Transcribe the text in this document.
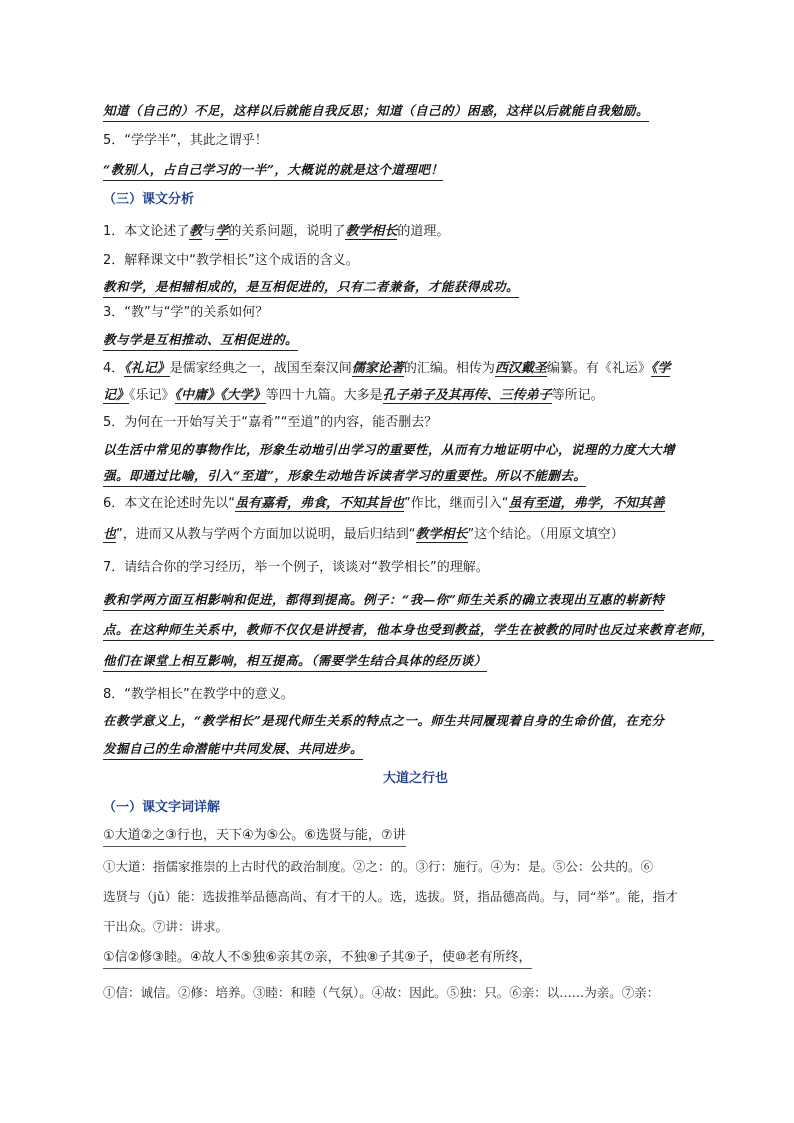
知道（自己的）不足，这样以后就能自我反思；知道（自己的）困惑，这样以后就能自我勉励。
5．“学学半”，其此之谓乎！
“教别人，占自己学习的一半”，大概说的就是这个道理吧！
（三）课文分析
1．本文论述了教与学的关系问题，说明了教学相长的道理。
2．解释课文中“教学相长”这个成语的含义。
教和学，是相辅相成的，是互相促进的，只有二者兼备，才能获得成功。
3．“教”与“学”的关系如何？
教与学是互相推动、互相促进的。
4．《礼记》是儒家经典之一，战国至秦汉间儒家论著的汇编。相传为西汉戴圣编纂。有《礼运》《学
记》《乐记》《中庸》《大学》等四十九篇。大多是孔子弟子及其再传、三传弟子等所记。
5．为何在一开始写关于“嘉肴”“至道”的内容，能否删去？
以生活中常见的事物作比，形象生动地引出学习的重要性，从而有力地证明中心，说理的力度大大增
强。即通过比喻，引入“至道”，形象生动地告诉读者学习的重要性。所以不能删去。
6．本文在论述时先以“虽有嘉肴，弗食，不知其旨也”作比，继而引入“虽有至道，弗学，不知其善
也”，进而又从教与学两个方面加以说明，最后归结到“教学相长”这个结论。（用原文填空）
7．请结合你的学习经历，举一个例子，谈谈对“教学相长”的理解。
教和学两方面互相影响和促进，都得到提高。例子：“我—你”师生关系的确立表现出互惠的崭新特
点。在这种师生关系中，教师不仅仅是讲授者，他本身也受到教益，学生在被教的同时也反过来教育老师，
他们在课堂上相互影响，相互提高。（需要学生结合具体的经历谈）
8．“教学相长”在教学中的意义。
在教学意义上，“教学相长”是现代师生关系的特点之一。师生共同履现着自身的生命价值，在充分
发掘自己的生命潜能中共同发展、共同进步。
大道之行也
（一）课文字词详解
①大道②之③行也，天下④为⑤公。⑥选贤与能，⑦讲
①大道：指儒家推崇的上古时代的政治制度。②之：的。③行：施行。④为：是。⑤公：公共的。⑥
选贤与（jǔ）能：选拔推举品德高尚、有才干的人。选，选拔。贤，指品德高尚。与，同“举”。能，指才
干出众。⑦讲：讲求。
①信②修③睦。④故人不⑤独⑥亲其⑦亲，不独⑧子其⑨子，使⑩老有所终，
①信：诚信。②修：培养。③睦：和睦（气氛）。④故：因此。⑤独：只。⑥亲：以……为亲。⑦亲：
